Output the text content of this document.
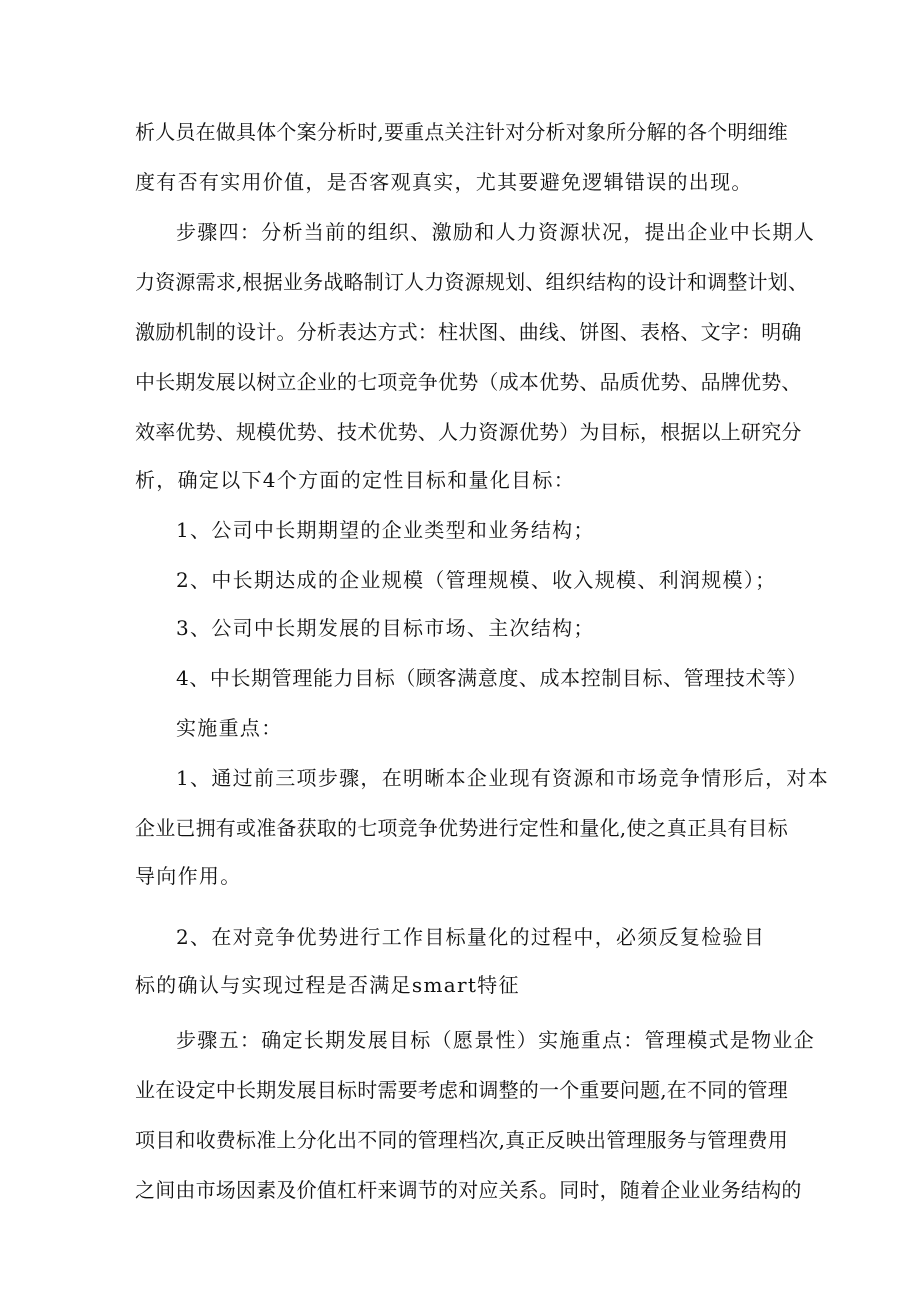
析人员在做具体个案分析时,要重点关注针对分析对象所分解的各个明细维
度有否有实用价值，是否客观真实，尤其要避免逻辑错误的出现。
步骤四：分析当前的组织、激励和人力资源状况，提出企业中长期人
力资源需求,根据业务战略制订人力资源规划、组织结构的设计和调整计划、
激励机制的设计。分析表达方式：柱状图、曲线、饼图、表格、文字：明确
中长期发展以树立企业的七项竞争优势（成本优势、品质优势、品牌优势、
效率优势、规模优势、技术优势、人力资源优势）为目标，根据以上研究分
析，确定以下4个方面的定性目标和量化目标：
1、公司中长期期望的企业类型和业务结构；
2、中长期达成的企业规模（管理规模、收入规模、利润规模）；
3、公司中长期发展的目标市场、主次结构；
4、中长期管理能力目标（顾客满意度、成本控制目标、管理技术等）
实施重点：
1、通过前三项步骤，在明晰本企业现有资源和市场竞争情形后，对本
企业已拥有或准备获取的七项竞争优势进行定性和量化,使之真正具有目标
导向作用。
2、在对竞争优势进行工作目标量化的过程中，必须反复检验目
标的确认与实现过程是否满足smart特征
步骤五：确定长期发展目标（愿景性）实施重点：管理模式是物业企
业在设定中长期发展目标时需要考虑和调整的一个重要问题,在不同的管理
项目和收费标准上分化出不同的管理档次,真正反映出管理服务与管理费用
之间由市场因素及价值杠杆来调节的对应关系。同时，随着企业业务结构的
